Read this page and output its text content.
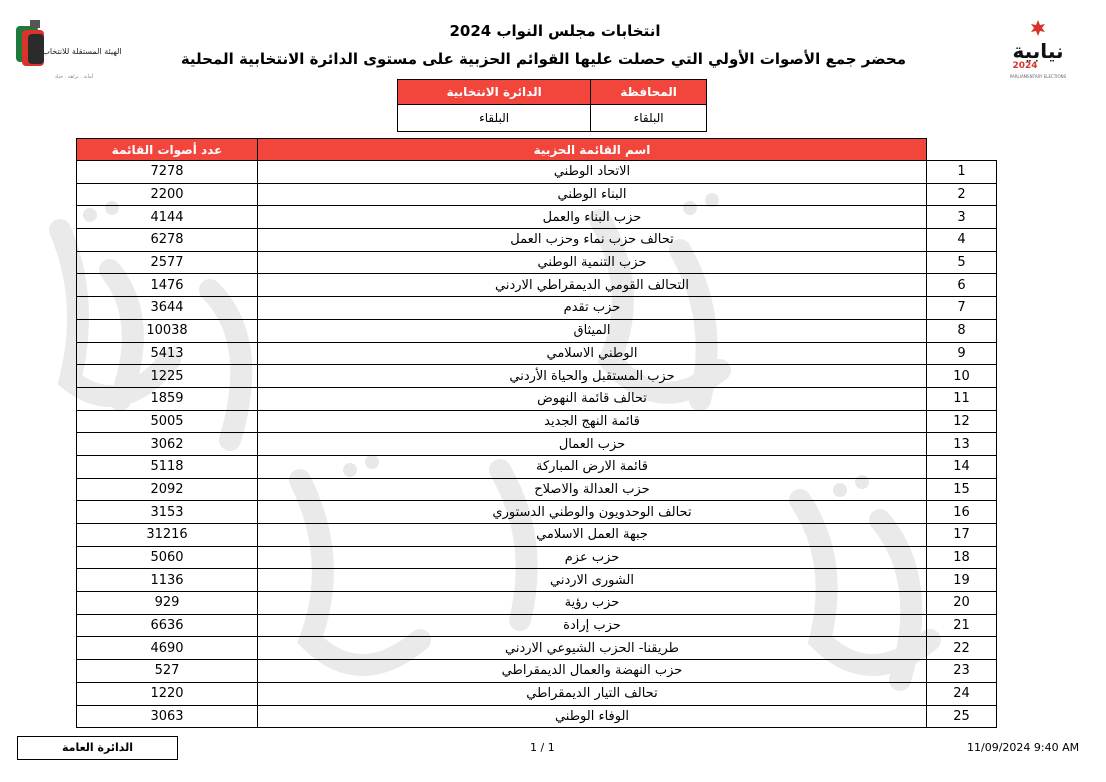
الهيئة المستقلة للانتخاب
أمانة . نزاهة . حياد
نيابية
2024
PARLIAMENTARY ELECTIONS
انتخابات مجلس النواب 2024
محضر جمع الأصوات الأولي التي حصلت عليها القوائم الحزبية على مستوى الدائرة الانتخابية المحلية
المحافظة	الدائرة الانتخابية
البلقاء	البلقاء
	اسم القائمة الحزبية	عدد أصوات القائمة
1	الاتحاد الوطني	7278
2	البناء الوطني	2200
3	حزب البناء والعمل	4144
4	تحالف حزب نماء وحزب العمل	6278
5	حزب التنمية الوطني	2577
6	التحالف القومي الديمقراطي الاردني	1476
7	حزب تقدم	3644
8	الميثاق	10038
9	الوطني الاسلامي	5413
10	حزب المستقبل والحياة الأردني	1225
11	تحالف قائمة النهوض	1859
12	قائمة النهج الجديد	5005
13	حزب العمال	3062
14	قائمة الارض المباركة	5118
15	حزب العدالة والاصلاح	2092
16	تحالف الوحدويون والوطني الدستوري	3153
17	جبهة العمل الاسلامي	31216
18	حزب عزم	5060
19	الشورى الاردني	1136
20	حزب رؤية	929
21	حزب إرادة	6636
22	طريقنا- الحزب الشيوعي الاردني	4690
23	حزب النهضة والعمال الديمقراطي	527
24	تحالف التيار الديمقراطي	1220
25	الوفاء الوطني	3063
الدائرة العامة	1 / 1	11/09/2024 9:40 AM
